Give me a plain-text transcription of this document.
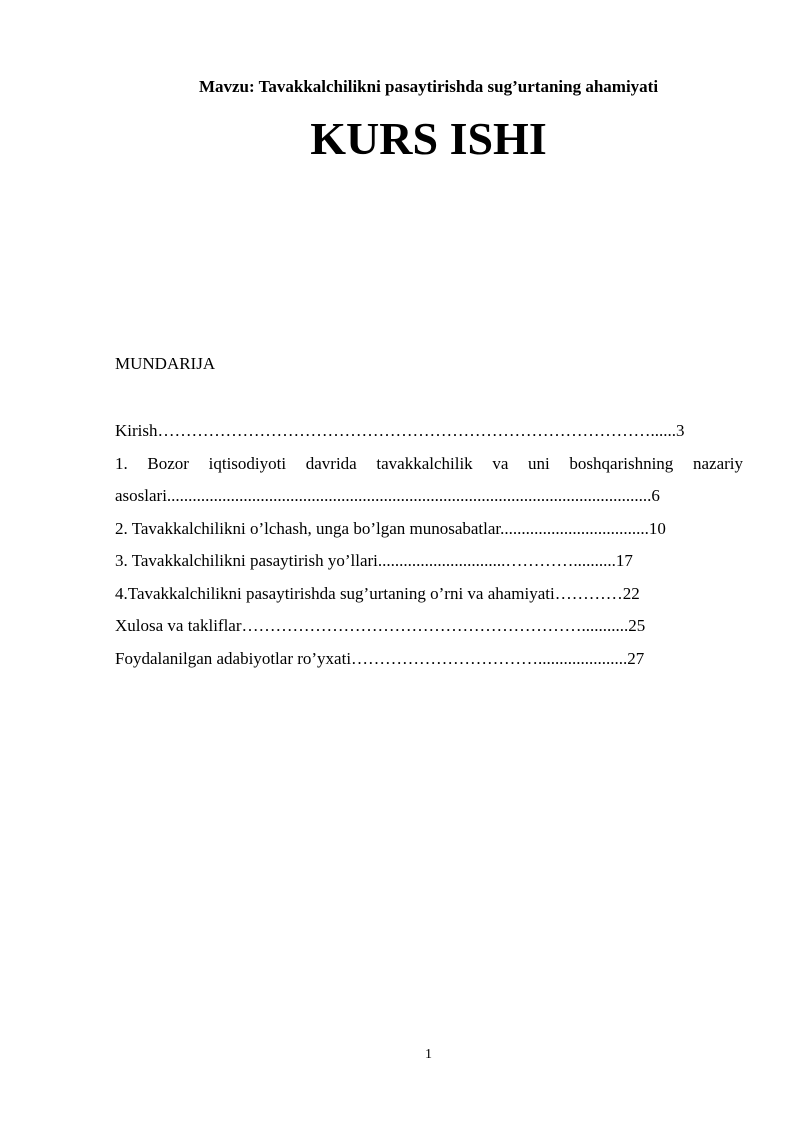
Mavzu: Tavakkalchilikni pasaytirishda sug’urtaning ahamiyati
KURS ISHI
MUNDARIJA
Kirish……………………………………………………………………………......3
1. Bozor iqtisodiyoti davrida tavakkalchilik va uni boshqarishning nazariy
asoslari..................................................................................................................6
2. Tavakkalchilikni o’lchash, unga bo’lgan munosabatlar...................................10
3. Tavakkalchilikni pasaytirish yo’llari..............................…………..........17
4.Tavakkalchilikni pasaytirishda sug’urtaning o’rni va ahamiyati…………22
Xulosa va takliflar……………………………………………………...........25
Foydalanilgan adabiyotlar ro’yxati…………………………….....................27
1
